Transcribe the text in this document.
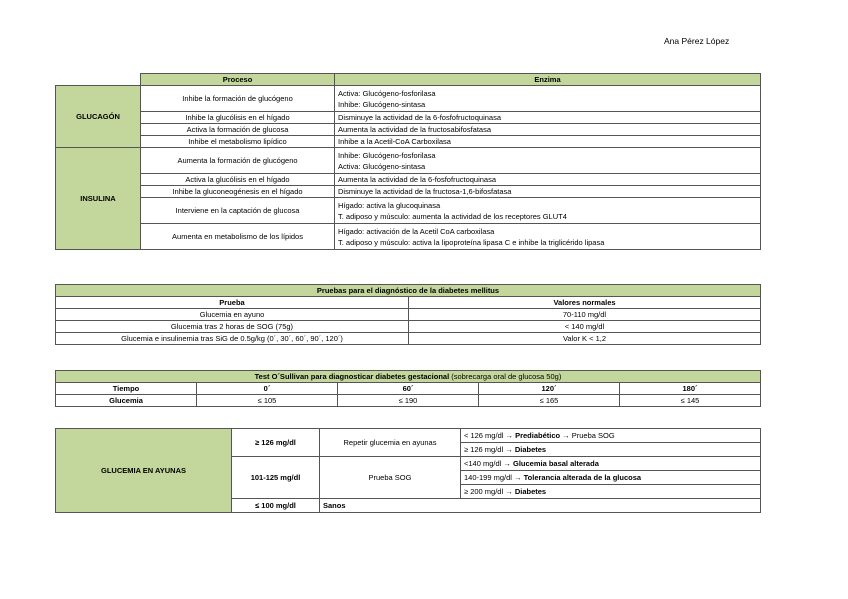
Ana Pérez López
	Proceso	Enzima
GLUCAGÓN	Inhibe la formación de glucógeno	Activa: Glucógeno-fosforilasa
Inhibe: Glucógeno-sintasa

	Inhibe la glucólisis en el hígado	Disminuye la actividad de la 6-fosfofructoquinasa
	Activa la formación de glucosa	Aumenta la actividad de la fructosabifosfatasa
	Inhibe el metabolismo lipídico	Inhibe a la Acetil-CoA Carboxilasa
INSULINA	Aumenta la formación de glucógeno	Inhibe: Glucógeno-fosforilasa
Activa: Glucógeno-sintasa

	Activa la glucólisis en el hígado	Aumenta la actividad de la 6-fosfofructoquinasa
	Inhibe la gluconeogénesis en el hígado	Disminuye la actividad de la fructosa-1,6-bifosfatasa
	Interviene en la captación de glucosa	Hígado: activa la glucoquinasa
T. adiposo y músculo: aumenta la actividad de los receptores GLUT4

	Aumenta en metabolismo de los lípidos	Hígado: activación de la Acetil CoA carboxilasa
T. adiposo y músculo: activa la lipoproteína lipasa C e inhibe la triglicérido lipasa
Pruebas para el diagnóstico de la diabetes mellitus	
Prueba	Valores normales
Glucemia en ayuno	70-110 mg/dl
Glucemia tras 2 horas de SOG (75g)	< 140 mg/dl
Glucemia e insulinemia tras SiG de 0.5g/kg (0´, 30´, 60´, 90´, 120´)	Valor K < 1,2
Test O´Sullivan para diagnosticar diabetes gestacional (sobrecarga oral de glucosa 50g)				
Tiempo	0´	60´	120´	180´
Glucemia	≤ 105	≤ 190	≤ 165	≤ 145
GLUCEMIA EN AYUNAS	≥ 126 mg/dl	Repetir glucemia en ayunas	< 126 mg/dl → Prediabético → Prueba SOG
			≥ 126 mg/dl → Diabetes
	101-125 mg/dl	Prueba SOG	<140 mg/dl → Glucemia basal alterada
			140-199 mg/dl → Tolerancia alterada de la glucosa
			≥ 200 mg/dl → Diabetes
	≤ 100 mg/dl	Sanos	
